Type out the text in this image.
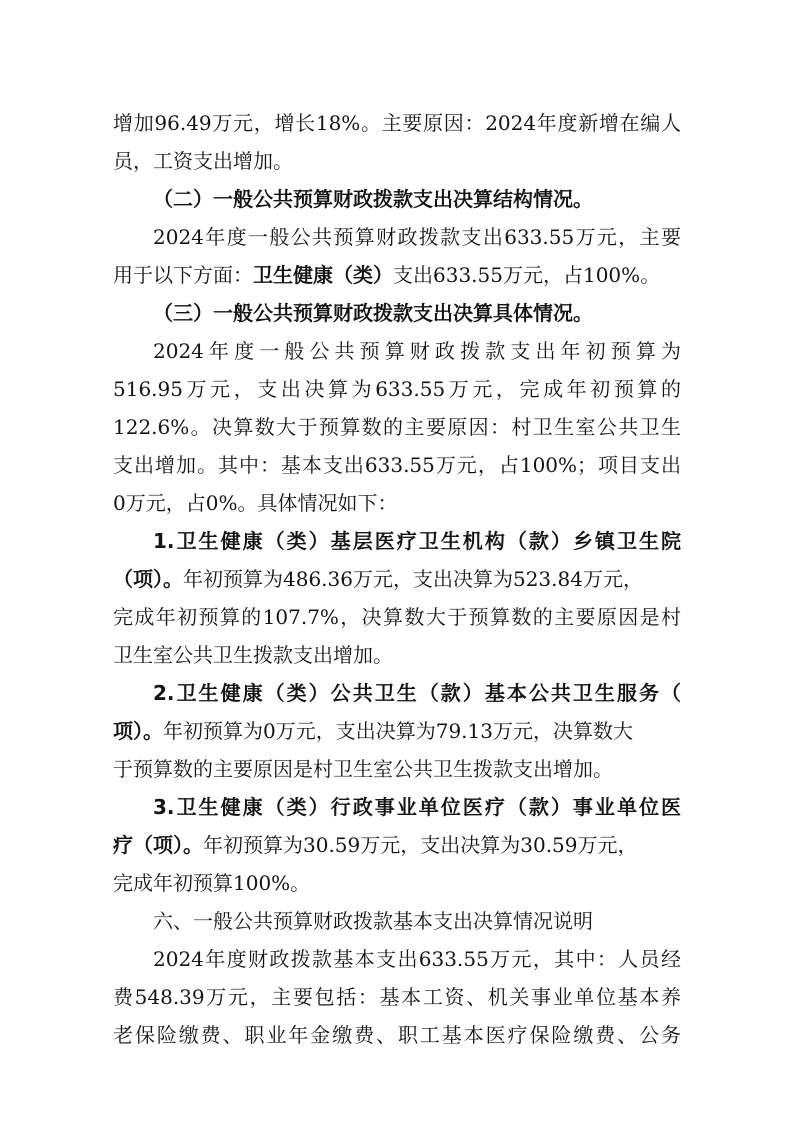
增加96.49万元，增长18%。主要原因：2024年度新增在编人
员，工资支出增加。
（二）一般公共预算财政拨款支出决算结构情况。
2024年度一般公共预算财政拨款支出633.55万元，主要
用于以下方面：卫生健康（类）支出633.55万元，占100%。
（三）一般公共预算财政拨款支出决算具体情况。
2024年度一般公共预算财政拨款支出年初预算为
516.95万元，支出决算为633.55万元，完成年初预算的
122.6%。决算数大于预算数的主要原因：村卫生室公共卫生
支出增加。其中：基本支出633.55万元，占100%；项目支出
0万元，占0%。具体情况如下：
1.卫生健康（类）基层医疗卫生机构（款）乡镇卫生院
（项）。年初预算为486.36万元，支出决算为523.84万元，
完成年初预算的107.7%，决算数大于预算数的主要原因是村
卫生室公共卫生拨款支出增加。
2.卫生健康（类）公共卫生（款）基本公共卫生服务（
项）。年初预算为0万元，支出决算为79.13万元，决算数大
于预算数的主要原因是村卫生室公共卫生拨款支出增加。
3.卫生健康（类）行政事业单位医疗（款）事业单位医
疗（项）。年初预算为30.59万元，支出决算为30.59万元，
完成年初预算100%。
六、一般公共预算财政拨款基本支出决算情况说明
2024年度财政拨款基本支出633.55万元，其中：人员经
费548.39万元，主要包括：基本工资、机关事业单位基本养
老保险缴费、职业年金缴费、职工基本医疗保险缴费、公务
